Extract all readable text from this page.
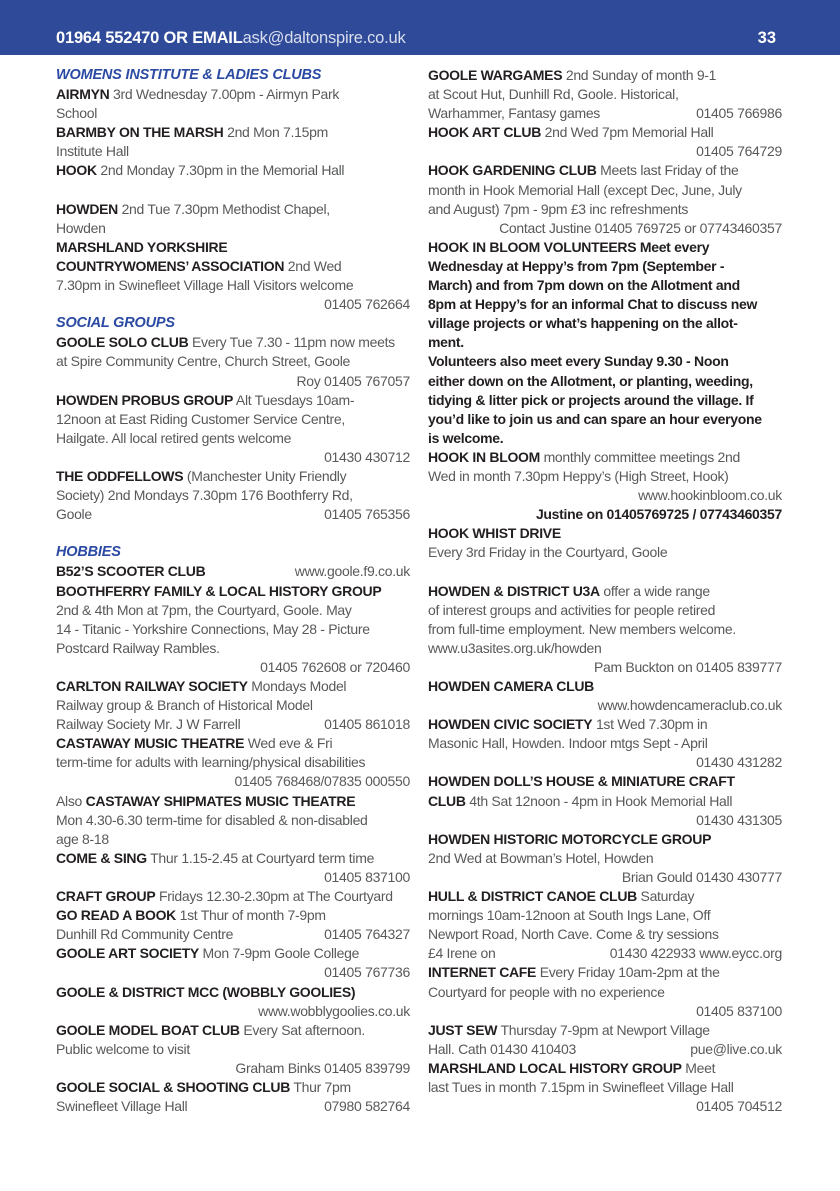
01964 552470 OR EMAIL ask@daltonspire.co.uk	33
WOMENS INSTITUTE & LADIES CLUBS
AIRMYN 3rd Wednesday 7.00pm - Airmyn Park
School
BARMBY ON THE MARSH 2nd Mon 7.15pm
Institute Hall
HOOK 2nd Monday 7.30pm in the Memorial Hall
HOWDEN 2nd Tue 7.30pm Methodist Chapel,
Howden
MARSHLAND YORKSHIRE
COUNTRYWOMENS’ ASSOCIATION 2nd Wed
7.30pm in Swinefleet Village Hall Visitors welcome
01405 762664
SOCIAL GROUPS
GOOLE SOLO CLUB Every Tue 7.30 - 11pm now meets
at Spire Community Centre, Church Street, Goole
Roy 01405 767057
HOWDEN PROBUS GROUP Alt Tuesdays 10am-
12noon at East Riding Customer Service Centre,
Hailgate. All local retired gents welcome
01430 430712
THE ODDFELLOWS (Manchester Unity Friendly
Society) 2nd Mondays 7.30pm 176 Boothferry Rd,
Goole	01405 765356
HOBBIES
B52’S SCOOTER CLUB	www.goole.f9.co.uk
BOOTHFERRY FAMILY & LOCAL HISTORY GROUP
2nd & 4th Mon at 7pm, the Courtyard, Goole. May
14 - Titanic - Yorkshire Connections, May 28 - Picture
Postcard Railway Rambles.
01405 762608 or 720460
CARLTON RAILWAY SOCIETY Mondays Model
Railway group & Branch of Historical Model
Railway Society Mr. J W Farrell	01405 861018
CASTAWAY MUSIC THEATRE Wed eve & Fri
term-time for adults with learning/physical disabilities
01405 768468/07835 000550
Also CASTAWAY SHIPMATES MUSIC THEATRE
Mon 4.30-6.30 term-time for disabled & non-disabled
age 8-18
COME & SING Thur 1.15-2.45 at Courtyard term time
01405 837100
CRAFT GROUP Fridays 12.30-2.30pm at The Courtyard
GO READ A BOOK 1st Thur of month 7-9pm
Dunhill Rd Community Centre	01405 764327
GOOLE ART SOCIETY Mon 7-9pm Goole College
01405 767736
GOOLE & DISTRICT MCC (WOBBLY GOOLIES)
www.wobblygoolies.co.uk
GOOLE MODEL BOAT CLUB Every Sat afternoon.
Public welcome to visit
Graham Binks 01405 839799
GOOLE SOCIAL & SHOOTING CLUB Thur 7pm
Swinefleet Village Hall	07980 582764
GOOLE WARGAMES 2nd Sunday of month 9-1
at Scout Hut, Dunhill Rd, Goole. Historical,
Warhammer, Fantasy games	01405 766986
HOOK ART CLUB 2nd Wed 7pm Memorial Hall
01405 764729
HOOK GARDENING CLUB Meets last Friday of the
month in Hook Memorial Hall (except Dec, June, July
and August) 7pm - 9pm £3 inc refreshments
Contact Justine 01405 769725 or 07743460357
HOOK IN BLOOM VOLUNTEERS Meet every
Wednesday at Heppy’s from 7pm (September -
March) and from 7pm down on the Allotment and
8pm at Heppy’s for an informal Chat to discuss new
village projects or what’s happening on the allot-
ment.
Volunteers also meet every Sunday 9.30 - Noon
either down on the Allotment, or planting, weeding,
tidying & litter pick or projects around the village. If
you’d like to join us and can spare an hour everyone
is welcome.
HOOK IN BLOOM monthly committee meetings 2nd
Wed in month 7.30pm Heppy’s (High Street, Hook)
www.hookinbloom.co.uk
Justine on 01405769725 / 07743460357
HOOK WHIST DRIVE
Every 3rd Friday in the Courtyard, Goole
HOWDEN & DISTRICT U3A offer a wide range
of interest groups and activities for people retired
from full-time employment. New members welcome.
www.u3asites.org.uk/howden
Pam Buckton on 01405 839777
HOWDEN CAMERA CLUB
www.howdencameraclub.co.uk
HOWDEN CIVIC SOCIETY 1st Wed 7.30pm in
Masonic Hall, Howden. Indoor mtgs Sept - April
01430 431282
HOWDEN DOLL’S HOUSE & MINIATURE CRAFT
CLUB 4th Sat 12noon - 4pm in Hook Memorial Hall
01430 431305
HOWDEN HISTORIC MOTORCYCLE GROUP
2nd Wed at Bowman’s Hotel, Howden
Brian Gould 01430 430777
HULL & DISTRICT CANOE CLUB Saturday
mornings 10am-12noon at South Ings Lane, Off
Newport Road, North Cave. Come & try sessions
£4 Irene on	01430 422933 www.eycc.org
INTERNET CAFE Every Friday 10am-2pm at the
Courtyard for people with no experience
01405 837100
JUST SEW Thursday 7-9pm at Newport Village
Hall. Cath 01430 410403	pue@live.co.uk
MARSHLAND LOCAL HISTORY GROUP Meet
last Tues in month 7.15pm in Swinefleet Village Hall
01405 704512
